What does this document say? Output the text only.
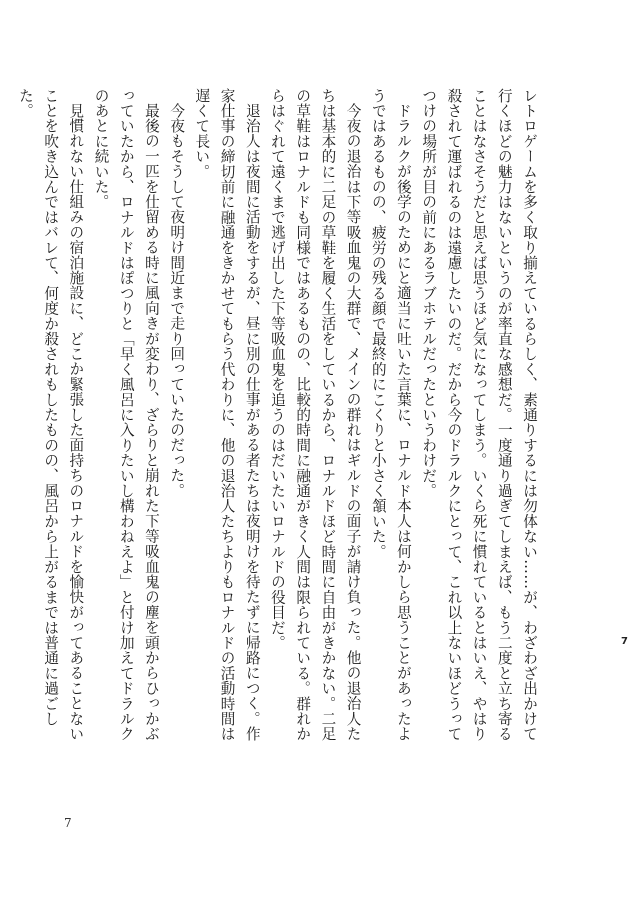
レトロゲームを多く取り揃えているらしく、素通りするには勿体ない……が、わざわざ出かけて行くほどの魅力はないというのが率直な感想だ。一度通り過ぎてしまえば、もう二度と立ち寄ることはなさそうだと思えば思うほど気になってしまう。いくら死に慣れているとはいえ、やはり殺されて運ばれるのは遠慮したいのだ。だから今のドラルクにとって、これ以上ないほどうってつけの場所が目の前にあるラブホテルだったというわけだ。

ドラルクが後学のためにと適当に吐いた言葉に、ロナルド本人は何かしら思うことがあったようではあるものの、疲労の残る顔で最終的にこくりと小さく頷いた。

今夜の退治は下等吸血鬼の大群で、メインの群れはギルドの面子が請け負った。他の退治人たちは基本的に二足の草鞋を履く生活をしているから、ロナルドほど時間に自由がきかない。二足の草鞋はロナルドも同様ではあるものの、比較的時間に融通がきく人間は限られている。群れからはぐれて遠くまで逃げ出した下等吸血鬼を追うのはだいたいロナルドの役目だ。

退治人は夜間に活動をするが、昼に別の仕事がある者たちは夜明けを待たずに帰路につく。作家仕事の締切前に融通をきかせてもらう代わりに、他の退治人たちよりもロナルドの活動時間は遅くて長い。

今夜もそうして夜明け間近まで走り回っていたのだった。

最後の一匹を仕留める時に風向きが変わり、ざらりと崩れた下等吸血鬼の塵を頭からひっかぶっていたから、ロナルドはぽつりと「早く風呂に入りたいし構わねえよ」と付け加えてドラルクのあとに続いた。

見慣れない仕組みの宿泊施設に、どこか緊張した面持ちのロナルドを愉快がってあることないことを吹き込んではバレて、何度か殺されもしたものの、風呂から上がるまでは普通に過ごした。

7
7
